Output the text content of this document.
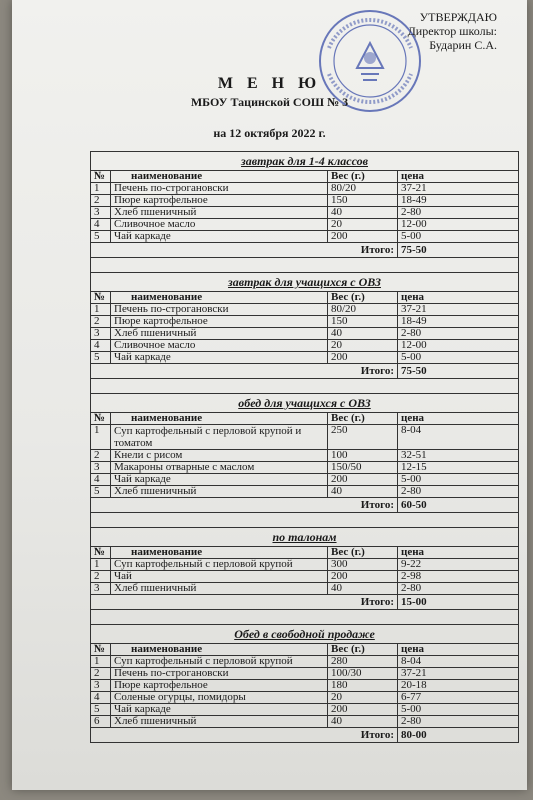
УТВЕРЖДАЮ
Директор школы:
Бударин С.А.
М Е Н Ю
МБОУ Тацинской СОШ № 3
на 12 октября 2022 г.
завтрак для 1-4 классов			
№	наименование	Вес (г.)	цена
1	Печень по-строгановски	80/20	37-21
2	Пюре картофельное	150	18-49
3	Хлеб пшеничный	40	2-80
4	Сливочное масло	20	12-00
5	Чай каркаде	200	5-00
Итого:			75-50

завтрак для учащихся с ОВЗ			
№	наименование	Вес (г.)	цена
1	Печень по-строгановски	80/20	37-21
2	Пюре картофельное	150	18-49
3	Хлеб пшеничный	40	2-80
4	Сливочное масло	20	12-00
5	Чай каркаде	200	5-00
Итого:			75-50

обед для учащихся с ОВЗ			
№	наименование	Вес (г.)	цена
1	Суп картофельный с перловой крупой и томатом	250	8-04
2	Кнели с рисом	100	32-51
3	Макароны отварные с маслом	150/50	12-15
4	Чай каркаде	200	5-00
5	Хлеб пшеничный	40	2-80
Итого:			60-50

по талонам			
№	наименование	Вес (г.)	цена
1	Суп картофельный с перловой крупой	300	9-22
2	Чай	200	2-98
3	Хлеб пшеничный	40	2-80
Итого:			15-00

Обед в свободной продаже			
№	наименование	Вес (г.)	цена
1	Суп картофельный с перловой крупой	280	8-04
2	Печень по-строгановски	100/30	37-21
3	Пюре картофельное	180	20-18
4	Соленые огурцы, помидоры	20	6-77
5	Чай каркаде	200	5-00
6	Хлеб пшеничный	40	2-80
Итого:			80-00
